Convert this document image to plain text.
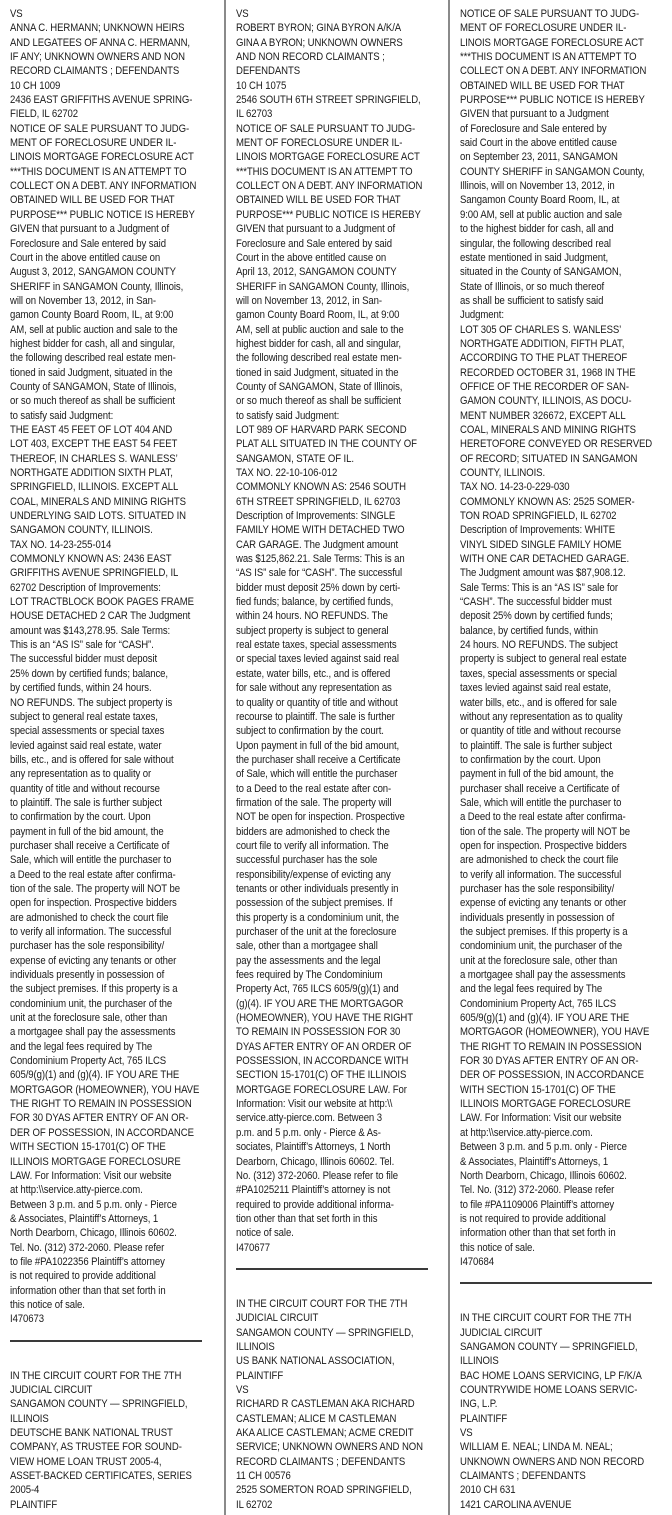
VS
ANNA C. HERMANN; UNKNOWN HEIRS
AND LEGATEES OF ANNA C. HERMANN,
IF ANY; UNKNOWN OWNERS AND NON
RECORD CLAIMANTS ; DEFENDANTS
10 CH 1009
2436 EAST GRIFFITHS AVENUE SPRING-
FIELD, IL 62702
NOTICE OF SALE PURSUANT TO JUDG-
MENT OF FORECLOSURE UNDER IL-
LINOIS MORTGAGE FORECLOSURE ACT
***THIS DOCUMENT IS AN ATTEMPT TO
COLLECT ON A DEBT. ANY INFORMATION
OBTAINED WILL BE USED FOR THAT
PURPOSE*** PUBLIC NOTICE IS HEREBY
GIVEN that pursuant to a Judgment of
Foreclosure and Sale entered by said
Court in the above entitled cause on
August 3, 2012, SANGAMON COUNTY
SHERIFF in SANGAMON County, Illinois,
will on November 13, 2012, in San-
gamon County Board Room, IL, at 9:00
AM, sell at public auction and sale to the
highest bidder for cash, all and singular,
the following described real estate men-
tioned in said Judgment, situated in the
County of SANGAMON, State of Illinois,
or so much thereof as shall be sufficient
to satisfy said Judgment:
THE EAST 45 FEET OF LOT 404 AND
LOT 403, EXCEPT THE EAST 54 FEET
THEREOF, IN CHARLES S. WANLESS’
NORTHGATE ADDITION SIXTH PLAT,
SPRINGFIELD, ILLINOIS. EXCEPT ALL
COAL, MINERALS AND MINING RIGHTS
UNDERLYING SAID LOTS. SITUATED IN
SANGAMON COUNTY, ILLINOIS.
TAX NO. 14-23-255-014
COMMONLY KNOWN AS: 2436 EAST
GRIFFITHS AVENUE SPRINGFIELD, IL
62702 Description of Improvements:
LOT TRACTBLOCK BOOK PAGES FRAME
HOUSE DETACHED 2 CAR The Judgment
amount was $143,278.95. Sale Terms:
This is an “AS IS” sale for “CASH”.
The successful bidder must deposit
25% down by certified funds; balance,
by certified funds, within 24 hours.
NO REFUNDS. The subject property is
subject to general real estate taxes,
special assessments or special taxes
levied against said real estate, water
bills, etc., and is offered for sale without
any representation as to quality or
quantity of title and without recourse
to plaintiff. The sale is further subject
to confirmation by the court. Upon
payment in full of the bid amount, the
purchaser shall receive a Certificate of
Sale, which will entitle the purchaser to
a Deed to the real estate after confirma-
tion of the sale. The property will NOT be
open for inspection. Prospective bidders
are admonished to check the court file
to verify all information. The successful
purchaser has the sole responsibility/
expense of evicting any tenants or other
individuals presently in possession of
the subject premises. If this property is a
condominium unit, the purchaser of the
unit at the foreclosure sale, other than
a mortgagee shall pay the assessments
and the legal fees required by The
Condominium Property Act, 765 ILCS
605/9(g)(1) and (g)(4). IF YOU ARE THE
MORTGAGOR (HOMEOWNER), YOU HAVE
THE RIGHT TO REMAIN IN POSSESSION
FOR 30 DYAS AFTER ENTRY OF AN OR-
DER OF POSSESSION, IN ACCORDANCE
WITH SECTION 15-1701(C) OF THE
ILLINOIS MORTGAGE FORECLOSURE
LAW. For Information: Visit our website
at http:\\service.atty-pierce.com.
Between 3 p.m. and 5 p.m. only - Pierce
& Associates, Plaintiff’s Attorneys, 1
North Dearborn, Chicago, Illinois 60602.
Tel. No. (312) 372-2060. Please refer
to file #PA1022356 Plaintiff’s attorney
is not required to provide additional
information other than that set forth in
this notice of sale.
I470673
IN THE CIRCUIT COURT FOR THE 7TH
JUDICIAL CIRCUIT
SANGAMON COUNTY — SPRINGFIELD,
ILLINOIS
DEUTSCHE BANK NATIONAL TRUST
COMPANY, AS TRUSTEE FOR SOUND-
VIEW HOME LOAN TRUST 2005-4,
ASSET-BACKED CERTIFICATES, SERIES
2005-4
PLAINTIFF
VS
ROBERT BYRON; GINA BYRON A/K/A
GINA A BYRON; UNKNOWN OWNERS
AND NON RECORD CLAIMANTS ;
DEFENDANTS
10 CH 1075
2546 SOUTH 6TH STREET SPRINGFIELD,
IL 62703
NOTICE OF SALE PURSUANT TO JUDG-
MENT OF FORECLOSURE UNDER IL-
LINOIS MORTGAGE FORECLOSURE ACT
***THIS DOCUMENT IS AN ATTEMPT TO
COLLECT ON A DEBT. ANY INFORMATION
OBTAINED WILL BE USED FOR THAT
PURPOSE*** PUBLIC NOTICE IS HEREBY
GIVEN that pursuant to a Judgment of
Foreclosure and Sale entered by said
Court in the above entitled cause on
April 13, 2012, SANGAMON COUNTY
SHERIFF in SANGAMON County, Illinois,
will on November 13, 2012, in San-
gamon County Board Room, IL, at 9:00
AM, sell at public auction and sale to the
highest bidder for cash, all and singular,
the following described real estate men-
tioned in said Judgment, situated in the
County of SANGAMON, State of Illinois,
or so much thereof as shall be sufficient
to satisfy said Judgment:
LOT 989 OF HARVARD PARK SECOND
PLAT ALL SITUATED IN THE COUNTY OF
SANGAMON, STATE OF IL.
TAX NO. 22-10-106-012
COMMONLY KNOWN AS: 2546 SOUTH
6TH STREET SPRINGFIELD, IL 62703
Description of Improvements: SINGLE
FAMILY HOME WITH DETACHED TWO
CAR GARAGE. The Judgment amount
was $125,862.21. Sale Terms: This is an
“AS IS” sale for “CASH”. The successful
bidder must deposit 25% down by certi-
fied funds; balance, by certified funds,
within 24 hours. NO REFUNDS. The
subject property is subject to general
real estate taxes, special assessments
or special taxes levied against said real
estate, water bills, etc., and is offered
for sale without any representation as
to quality or quantity of title and without
recourse to plaintiff. The sale is further
subject to confirmation by the court.
Upon payment in full of the bid amount,
the purchaser shall receive a Certificate
of Sale, which will entitle the purchaser
to a Deed to the real estate after con-
firmation of the sale. The property will
NOT be open for inspection. Prospective
bidders are admonished to check the
court file to verify all information. The
successful purchaser has the sole
responsibility/expense of evicting any
tenants or other individuals presently in
possession of the subject premises. If
this property is a condominium unit, the
purchaser of the unit at the foreclosure
sale, other than a mortgagee shall
pay the assessments and the legal
fees required by The Condominium
Property Act, 765 ILCS 605/9(g)(1) and
(g)(4). IF YOU ARE THE MORTGAGOR
(HOMEOWNER), YOU HAVE THE RIGHT
TO REMAIN IN POSSESSION FOR 30
DYAS AFTER ENTRY OF AN ORDER OF
POSSESSION, IN ACCORDANCE WITH
SECTION 15-1701(C) OF THE ILLINOIS
MORTGAGE FORECLOSURE LAW. For
Information: Visit our website at http:\\
service.atty-pierce.com. Between 3
p.m. and 5 p.m. only - Pierce & As-
sociates, Plaintiff’s Attorneys, 1 North
Dearborn, Chicago, Illinois 60602. Tel.
No. (312) 372-2060. Please refer to file
#PA1025211 Plaintiff’s attorney is not
required to provide additional informa-
tion other than that set forth in this
notice of sale.
I470677
IN THE CIRCUIT COURT FOR THE 7TH
JUDICIAL CIRCUIT
SANGAMON COUNTY — SPRINGFIELD,
ILLINOIS
US BANK NATIONAL ASSOCIATION,
PLAINTIFF
VS
RICHARD R CASTLEMAN AKA RICHARD
CASTLEMAN; ALICE M CASTLEMAN
AKA ALICE CASTLEMAN; ACME CREDIT
SERVICE; UNKNOWN OWNERS AND NON
RECORD CLAIMANTS ; DEFENDANTS
11 CH 00576
2525 SOMERTON ROAD SPRINGFIELD,
IL 62702
NOTICE OF SALE PURSUANT TO JUDG-
MENT OF FORECLOSURE UNDER IL-
LINOIS MORTGAGE FORECLOSURE ACT
***THIS DOCUMENT IS AN ATTEMPT TO
COLLECT ON A DEBT. ANY INFORMATION
OBTAINED WILL BE USED FOR THAT
PURPOSE*** PUBLIC NOTICE IS HEREBY
GIVEN that pursuant to a Judgment
of Foreclosure and Sale entered by
said Court in the above entitled cause
on September 23, 2011, SANGAMON
COUNTY SHERIFF in SANGAMON County,
Illinois, will on November 13, 2012, in
Sangamon County Board Room, IL, at
9:00 AM, sell at public auction and sale
to the highest bidder for cash, all and
singular, the following described real
estate mentioned in said Judgment,
situated in the County of SANGAMON,
State of Illinois, or so much thereof
as shall be sufficient to satisfy said
Judgment:
LOT 305 OF CHARLES S. WANLESS’
NORTHGATE ADDITION, FIFTH PLAT,
ACCORDING TO THE PLAT THEREOF
RECORDED OCTOBER 31, 1968 IN THE
OFFICE OF THE RECORDER OF SAN-
GAMON COUNTY, ILLINOIS, AS DOCU-
MENT NUMBER 326672, EXCEPT ALL
COAL, MINERALS AND MINING RIGHTS
HERETOFORE CONVEYED OR RESERVED
OF RECORD; SITUATED IN SANGAMON
COUNTY, ILLINOIS.
TAX NO. 14-23-0-229-030
COMMONLY KNOWN AS: 2525 SOMER-
TON ROAD SPRINGFIELD, IL 62702
Description of Improvements: WHITE
VINYL SIDED SINGLE FAMILY HOME
WITH ONE CAR DETACHED GARAGE.
The Judgment amount was $87,908.12.
Sale Terms: This is an “AS IS” sale for
“CASH”. The successful bidder must
deposit 25% down by certified funds;
balance, by certified funds, within
24 hours. NO REFUNDS. The subject
property is subject to general real estate
taxes, special assessments or special
taxes levied against said real estate,
water bills, etc., and is offered for sale
without any representation as to quality
or quantity of title and without recourse
to plaintiff. The sale is further subject
to confirmation by the court. Upon
payment in full of the bid amount, the
purchaser shall receive a Certificate of
Sale, which will entitle the purchaser to
a Deed to the real estate after confirma-
tion of the sale. The property will NOT be
open for inspection. Prospective bidders
are admonished to check the court file
to verify all information. The successful
purchaser has the sole responsibility/
expense of evicting any tenants or other
individuals presently in possession of
the subject premises. If this property is a
condominium unit, the purchaser of the
unit at the foreclosure sale, other than
a mortgagee shall pay the assessments
and the legal fees required by The
Condominium Property Act, 765 ILCS
605/9(g)(1) and (g)(4). IF YOU ARE THE
MORTGAGOR (HOMEOWNER), YOU HAVE
THE RIGHT TO REMAIN IN POSSESSION
FOR 30 DYAS AFTER ENTRY OF AN OR-
DER OF POSSESSION, IN ACCORDANCE
WITH SECTION 15-1701(C) OF THE
ILLINOIS MORTGAGE FORECLOSURE
LAW. For Information: Visit our website
at http:\\service.atty-pierce.com.
Between 3 p.m. and 5 p.m. only - Pierce
& Associates, Plaintiff’s Attorneys, 1
North Dearborn, Chicago, Illinois 60602.
Tel. No. (312) 372-2060. Please refer
to file #PA1109006 Plaintiff’s attorney
is not required to provide additional
information other than that set forth in
this notice of sale.
I470684
IN THE CIRCUIT COURT FOR THE 7TH
JUDICIAL CIRCUIT
SANGAMON COUNTY — SPRINGFIELD,
ILLINOIS
BAC HOME LOANS SERVICING, LP F/K/A
COUNTRYWIDE HOME LOANS SERVIC-
ING, L.P.
PLAINTIFF
VS
WILLIAM E. NEAL; LINDA M. NEAL;
UNKNOWN OWNERS AND NON RECORD
CLAIMANTS ; DEFENDANTS
2010 CH 631
1421 CAROLINA AVENUE
